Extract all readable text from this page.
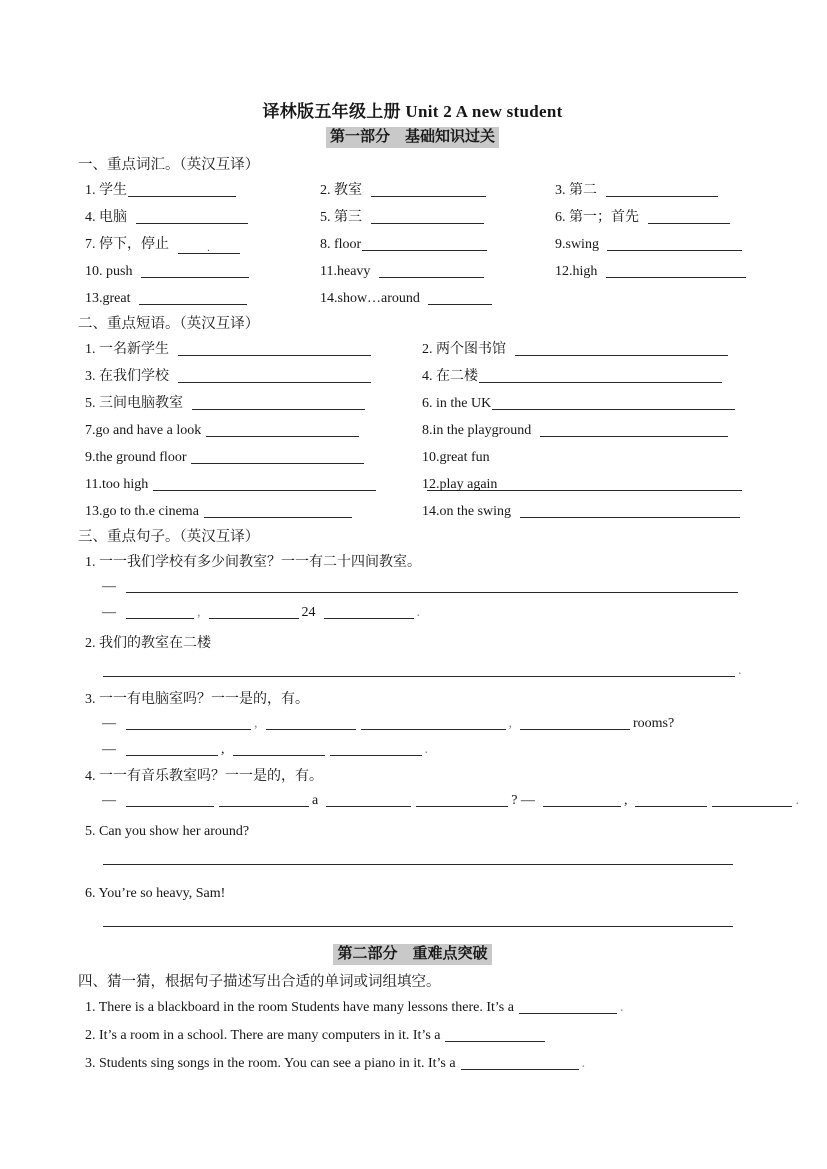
译林版五年级上册 Unit 2 A new student
第一部分　基础知识过关
一、重点词汇。（英汉互译）
1. 学生	2. 教室	3. 第二
4. 电脑	5. 第三	6. 第一；首先
7. 停下，停止	.	8. floor	9.swing
10. push	11.heavy	12.high
13.great	14.show…around
二、重点短语。（英汉互译）
1. 一名新学生	2. 两个图书馆
3. 在我们学校	4. 在二楼
5. 三间电脑教室	6. in the UK
7.go and have a look	8.in the playground
9.the ground floor	10.great fun
11.too high	12.play again
13.go to th.e cinema	14.on the swing
三、重点句子。（英汉互译）
1. 一一我们学校有多少间教室？一一有二十四间教室。
—
—	,	24	.
2. 我们的教室在二楼
.
3. 一一有电脑室吗？一一是的，有。
—	,	,	rooms?
—	,	.
4. 一一有音乐教室吗？一一是的，有。
—	a	? —	,	.
5. Can you show her around?
6. You’re so heavy, Sam!
第二部分　重难点突破
四、猜一猜，根据句子描述写出合适的单词或词组填空。
1. There is a blackboard in the room Students have many lessons there. It’s a	.
2. It’s a room in a school. There are many computers in it. It’s a
3. Students sing songs in the room. You can see a piano in it. It’s a	.
